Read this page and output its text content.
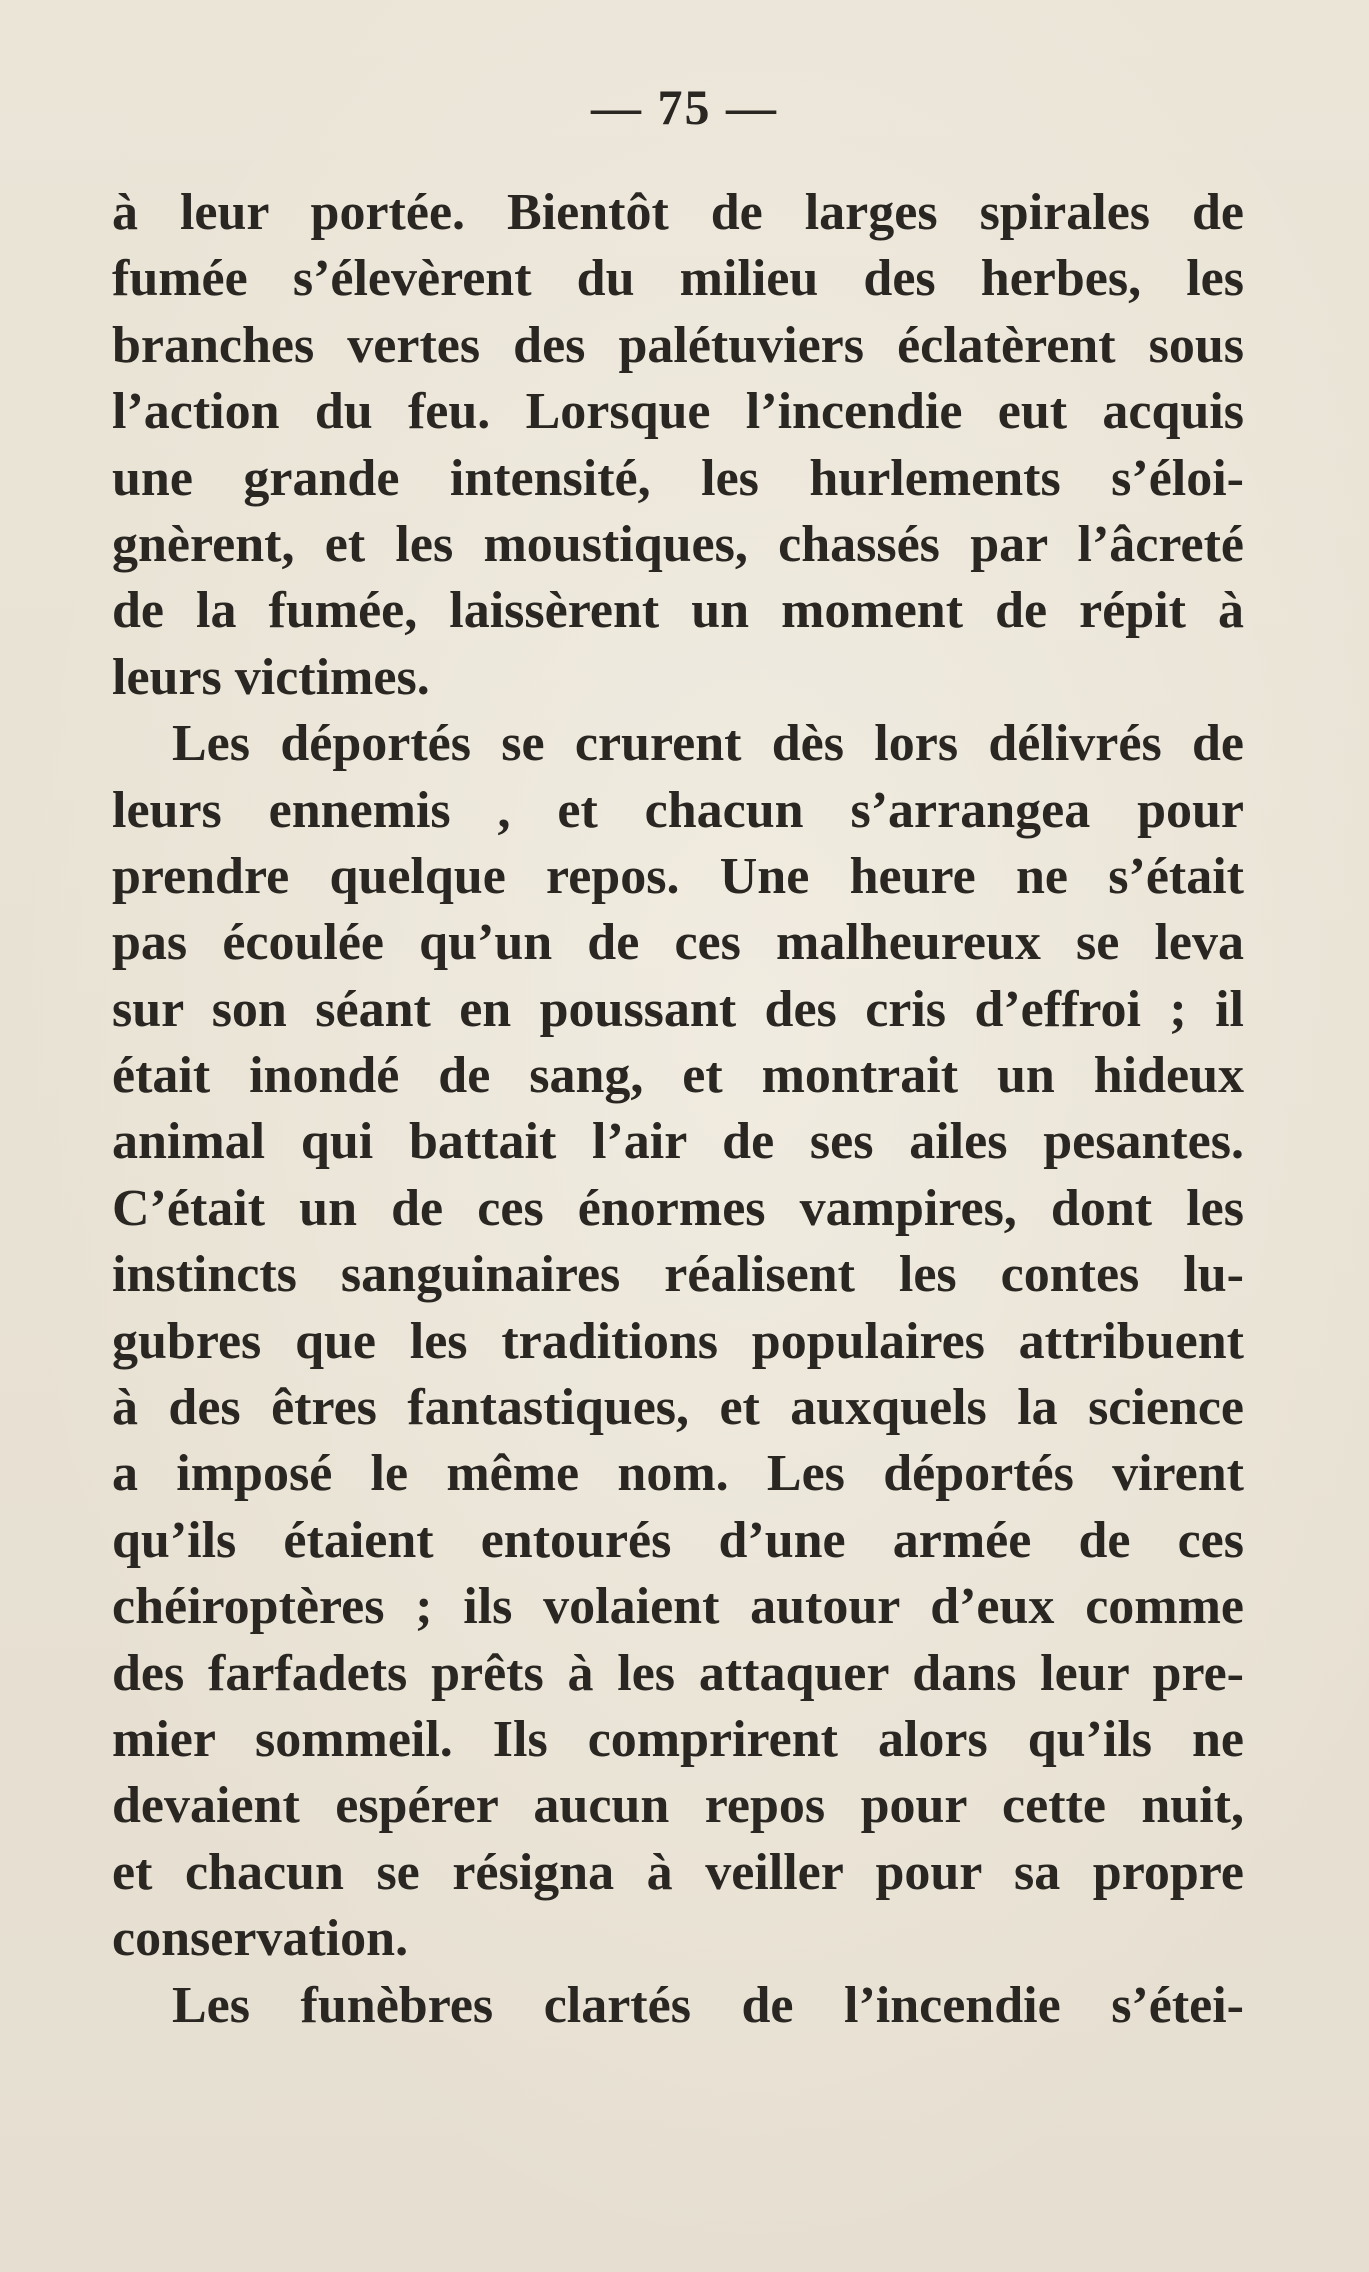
— 75 —
à leur portée. Bientôt de larges spirales de
fumée s’élevèrent du milieu des herbes, les
branches vertes des palétuviers éclatèrent sous
l’action du feu. Lorsque l’incendie eut acquis
une grande intensité, les hurlements s’éloi-
gnèrent, et les moustiques, chassés par l’âcreté
de la fumée, laissèrent un moment de répit à
leurs victimes.
Les déportés se crurent dès lors délivrés de
leurs ennemis , et chacun s’arrangea pour
prendre quelque repos. Une heure ne s’était
pas écoulée qu’un de ces malheureux se leva
sur son séant en poussant des cris d’effroi ; il
était inondé de sang, et montrait un hideux
animal qui battait l’air de ses ailes pesantes.
C’était un de ces énormes vampires, dont les
instincts sanguinaires réalisent les contes lu-
gubres que les traditions populaires attribuent
à des êtres fantastiques, et auxquels la science
a imposé le même nom. Les déportés virent
qu’ils étaient entourés d’une armée de ces
chéiroptères ; ils volaient autour d’eux comme
des farfadets prêts à les attaquer dans leur pre-
mier sommeil. Ils comprirent alors qu’ils ne
devaient espérer aucun repos pour cette nuit,
et chacun se résigna à veiller pour sa propre
conservation.
Les funèbres clartés de l’incendie s’étei-
